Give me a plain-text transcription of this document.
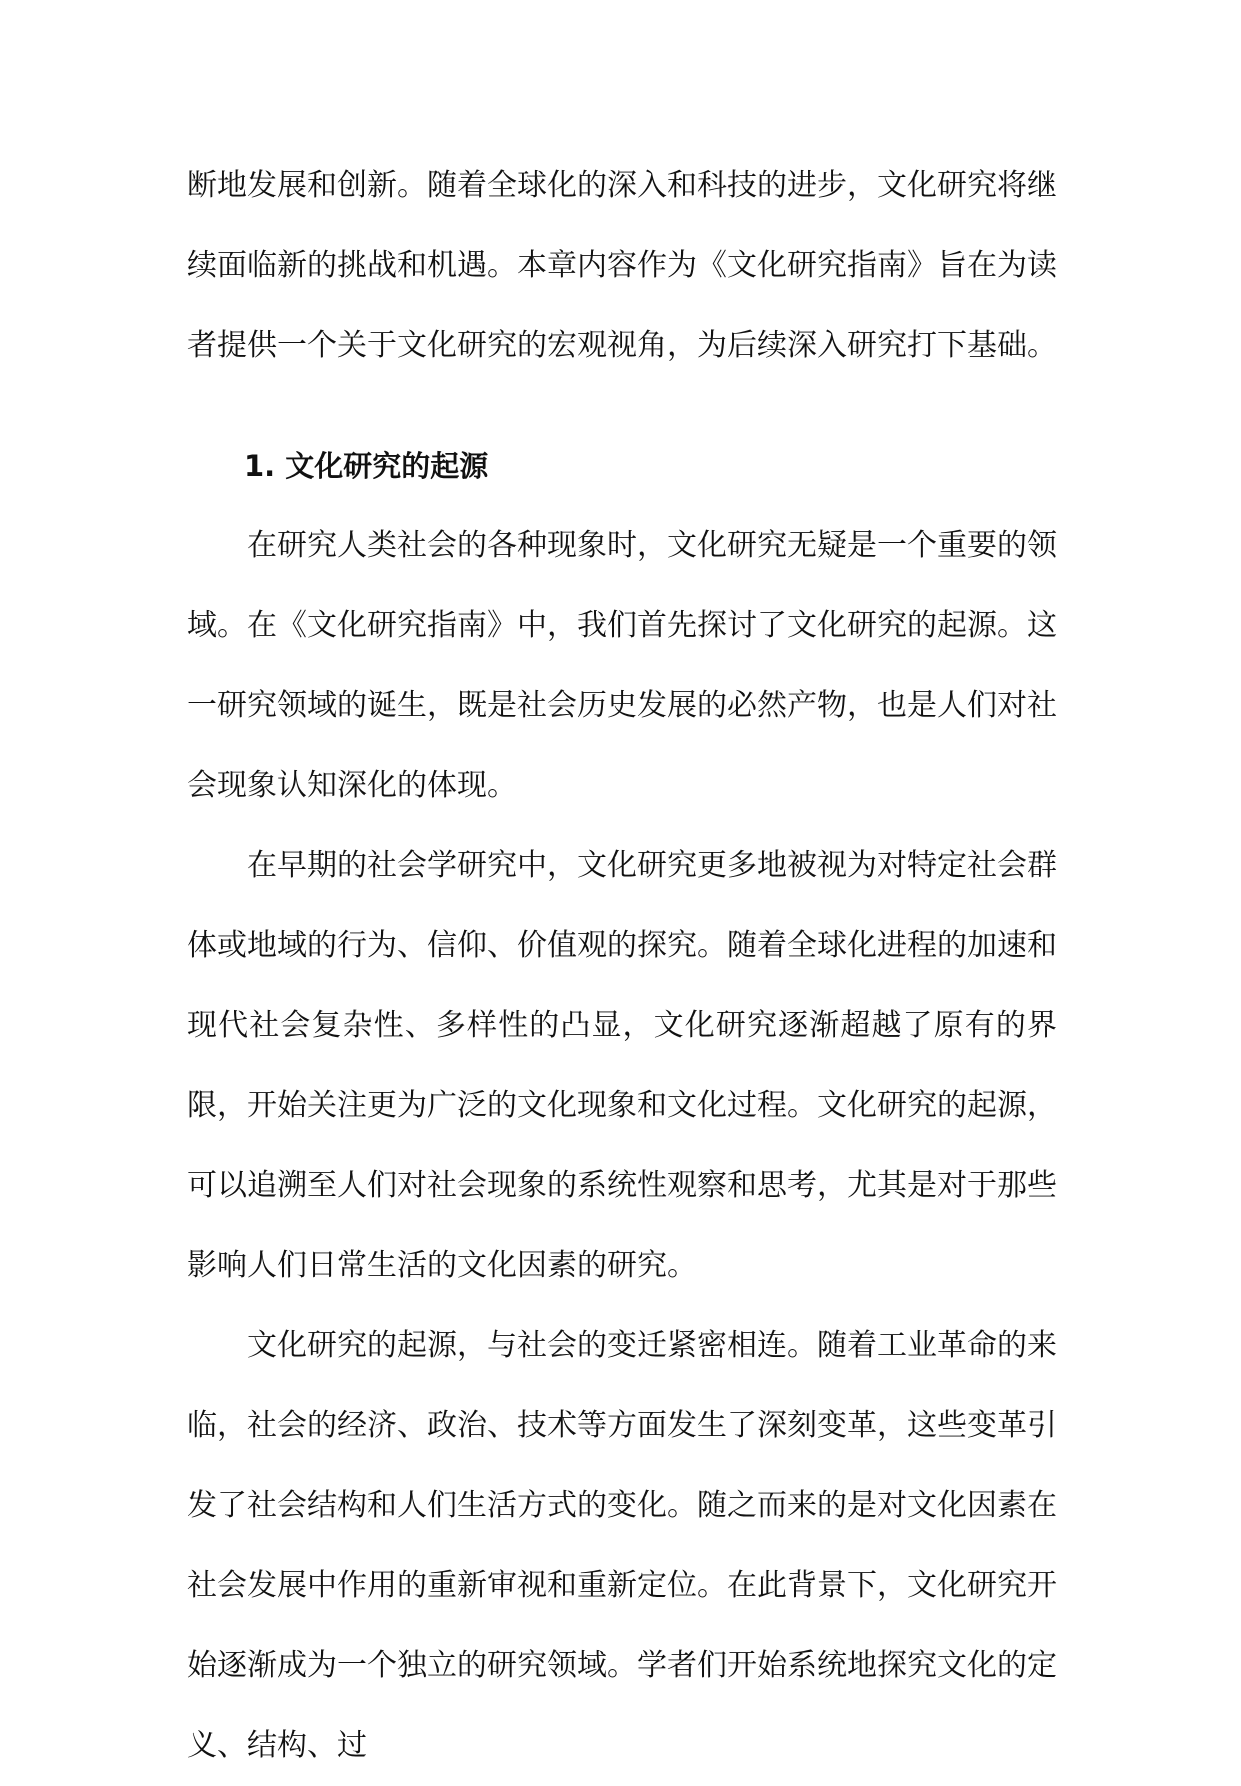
断地发展和创新。随着全球化的深入和科技的进步，文化研究将继续面临新的挑战和机遇。本章内容作为《文化研究指南》旨在为读者提供一个关于文化研究的宏观视角，为后续深入研究打下基础。

1. 文化研究的起源

在研究人类社会的各种现象时，文化研究无疑是一个重要的领域。在《文化研究指南》中，我们首先探讨了文化研究的起源。这一研究领域的诞生，既是社会历史发展的必然产物，也是人们对社会现象认知深化的体现。

在早期的社会学研究中，文化研究更多地被视为对特定社会群体或地域的行为、信仰、价值观的探究。随着全球化进程的加速和现代社会复杂性、多样性的凸显，文化研究逐渐超越了原有的界限，开始关注更为广泛的文化现象和文化过程。文化研究的起源，可以追溯至人们对社会现象的系统性观察和思考，尤其是对于那些影响人们日常生活的文化因素的研究。

文化研究的起源，与社会的变迁紧密相连。随着工业革命的来临，社会的经济、政治、技术等方面发生了深刻变革，这些变革引发了社会结构和人们生活方式的变化。随之而来的是对文化因素在社会发展中作用的重新审视和重新定位。在此背景下，文化研究开始逐渐成为一个独立的研究领域。学者们开始系统地探究文化的定义、结构、过
